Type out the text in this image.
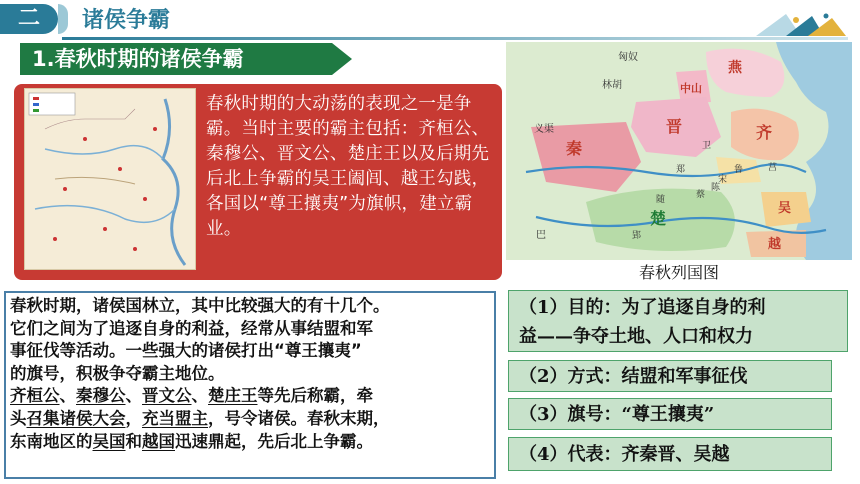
二	诸侯争霸
1.春秋时期的诸侯争霸
春秋时期的大动荡的表现之一是争霸。当时主要的霸主包括：齐桓公、秦穆公、晋文公、楚庄王以及后期先后北上争霸的吴王阖闾、越王勾践，各国以“尊王攘夷”为旗帜，建立霸业。
匈奴
燕
林胡	中山
晋	齐
秦
义渠
楚
吴
越
巴
卫
鲁
宋
郑
蔡
陈
随
莒
郢
春秋列国图
春秋时期，诸侯国林立，其中比较强大的有十几个。
它们之间为了追逐自身的利益，经常从事结盟和军
事征伐等活动。一些强大的诸侯打出“尊王攘夷”
的旗号，积极争夺霸主地位。
齐桓公、秦穆公、晋文公、楚庄王等先后称霸，牵
头召集诸侯大会，充当盟主，号令诸侯。春秋末期，
东南地区的吴国和越国迅速鼎起，先后北上争霸。
（1）目的：为了追逐自身的利
益——争夺土地、人口和权力
（2）方式：结盟和军事征伐
（3）旗号：“尊王攘夷”
（4）代表：齐秦晋、吴越
